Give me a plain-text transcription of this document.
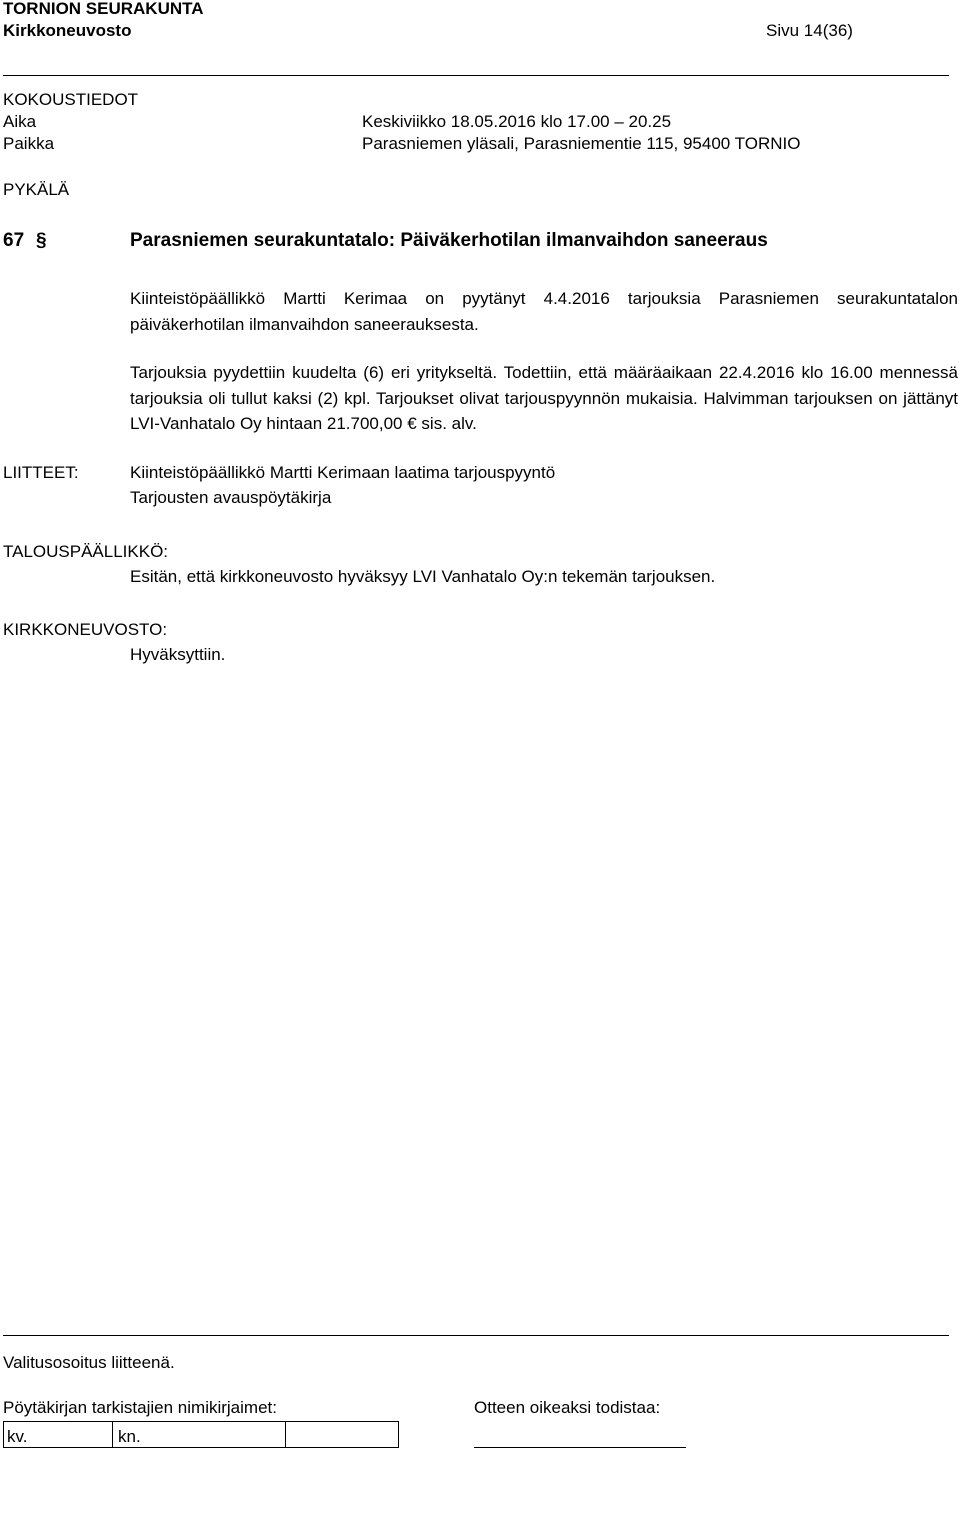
TORNION SEURAKUNTA
Kirkkoneuvosto	Sivu 14(36)
KOKOUSTIEDOT
Aika	Keskiviikko 18.05.2016 klo 17.00 ‒ 20.25
Paikka	Parasniemen yläsali, Parasniementie 115, 95400 TORNIO
PYKÄLÄ
67 §	Parasniemen seurakuntatalo: Päiväkerhotilan ilmanvaihdon saneeraus
Kiinteistöpäällikkö Martti Kerimaa on pyytänyt 4.4.2016 tarjouksia Parasniemen seurakuntatalon päiväkerhotilan ilmanvaihdon saneerauksesta.
Tarjouksia pyydettiin kuudelta (6) eri yritykseltä. Todettiin, että määräaikaan 22.4.2016 klo 16.00 mennessä tarjouksia oli tullut kaksi (2) kpl. Tarjoukset olivat tarjouspyynnön mukaisia. Halvimman tarjouksen on jättänyt LVI-Vanhatalo Oy hintaan 21.700,00 € sis. alv.
LIITTEET:	Kiinteistöpäällikkö Martti Kerimaan laatima tarjouspyyntö
Tarjousten avauspöytäkirja
TALOUSPÄÄLLIKKÖ:
Esitän, että kirkkoneuvosto hyväksyy LVI Vanhatalo Oy:n tekemän tarjouksen.
KIRKKONEUVOSTO:
Hyväksyttiin.
Valitusosoitus liitteenä.
Pöytäkirjan tarkistajien nimikirjaimet:	Otteen oikeaksi todistaa:
kv.	kn.
